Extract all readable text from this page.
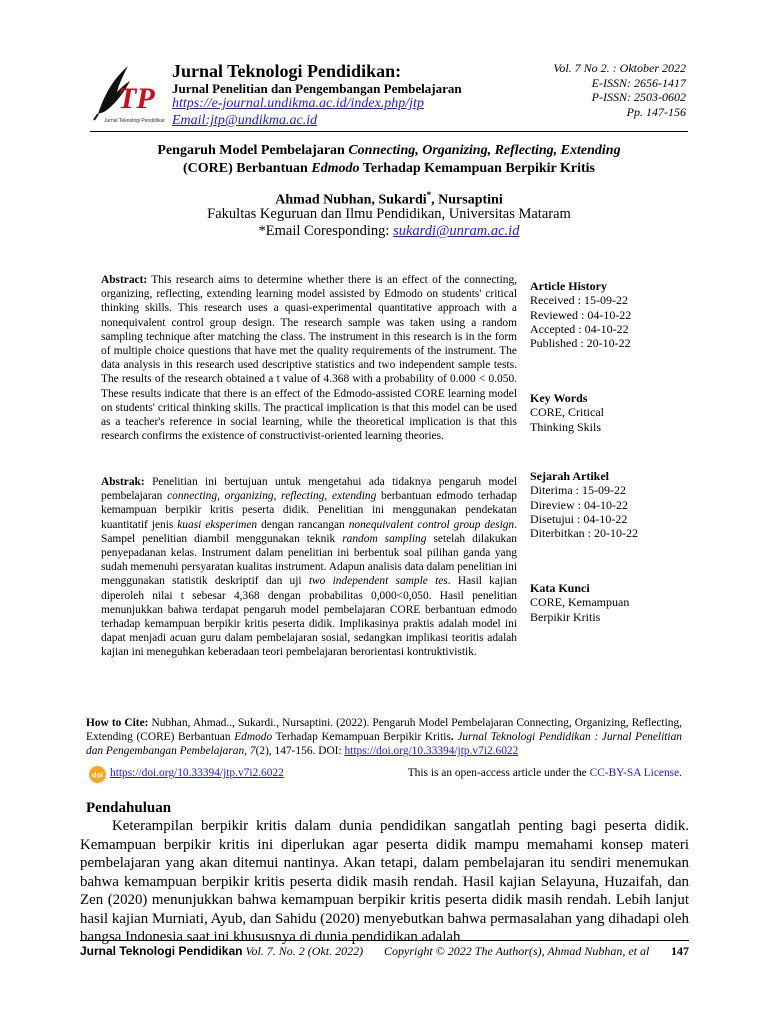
TP
Jurnal Teknologi Pendidikan
Jurnal Teknologi Pendidikan:
Jurnal Penelitian dan Pengembangan Pembelajaran
https://e-journal.undikma.ac.id/index.php/jtp
Email:jtp@undikma.ac.id
Vol. 7 No 2. : Oktober 2022
E-ISSN: 2656-1417
P-ISSN: 2503-0602
Pp. 147-156
Pengaruh Model Pembelajaran Connecting, Organizing, Reflecting, Extending
(CORE) Berbantuan Edmodo Terhadap Kemampuan Berpikir Kritis
Ahmad Nubhan, Sukardi*, Nursaptini
Fakultas Keguruan dan Ilmu Pendidikan, Universitas Mataram
*Email Coresponding: sukardi@unram.ac.id
Abstract: This research aims to determine whether there is an effect of the connecting, organizing, reflecting, extending learning model assisted by Edmodo on students' critical thinking skills. This research uses a quasi-experimental quantitative approach with a nonequivalent control group design. The research sample was taken using a random sampling technique after matching the class. The instrument in this research is in the form of multiple choice questions that have met the quality requirements of the instrument. The data analysis in this research used descriptive statistics and two independent sample tests. The results of the research obtained a t value of 4.368 with a probability of 0.000 < 0.050. These results indicate that there is an effect of the Edmodo-assisted CORE learning model on students' critical thinking skills. The practical implication is that this model can be used as a teacher's reference in social learning, while the theoretical implication is that this research confirms the existence of constructivist-oriented learning theories.
Abstrak: Penelitian ini bertujuan untuk mengetahui ada tidaknya pengaruh model pembelajaran connecting, organizing, reflecting, extending berbantuan edmodo terhadap kemampuan berpikir kritis peserta didik. Penelitian ini menggunakan pendekatan kuantitatif jenis kuasi eksperimen dengan rancangan nonequivalent control group design. Sampel penelitian diambil menggunakan teknik random sampling setelah dilakukan penyepadanan kelas. Instrument dalam penelitian ini berbentuk soal pilihan ganda yang sudah memenuhi persyaratan kualitas instrument. Adapun analisis data dalam penelitian ini menggunakan statistik deskriptif dan uji two independent sample tes. Hasil kajian diperoleh nilai t sebesar 4,368 dengan probabilitas 0,000<0,050. Hasil penelitian menunjukkan bahwa terdapat pengaruh model pembelajaran CORE berbantuan edmodo terhadap kemampuan berpikir kritis peserta didik. Implikasinya praktis adalah model ini dapat menjadi acuan guru dalam pembelajaran sosial, sedangkan implikasi teoritis adalah kajian ini meneguhkan keberadaan teori pembelajaran berorientasi kontruktivistik.
Article History
Received : 15-09-22
Reviewed : 04-10-22
Accepted : 04-10-22
Published : 20-10-22
Key Words
CORE, Critical
Thinking Skils
Sejarah Artikel
Diterima : 15-09-22
Direview : 04-10-22
Disetujui : 04-10-22
Diterbitkan : 20-10-22
Kata Kunci
CORE, Kemampuan
Berpikir Kritis
How to Cite: Nubhan, Ahmad.., Sukardi., Nursaptini. (2022). Pengaruh Model Pembelajaran Connecting, Organizing, Reflecting, Extending (CORE) Berbantuan Edmodo Terhadap Kemampuan Berpikir Kritis. Jurnal Teknologi Pendidikan : Jurnal Penelitian dan Pengembangan Pembelajaran, 7(2), 147-156. DOI: https://doi.org/10.33394/jtp.v7i2.6022
doi https://doi.org/10.33394/jtp.v7i2.6022	This is an open-access article under the CC-BY-SA License.
Pendahuluan
Keterampilan berpikir kritis dalam dunia pendidikan sangatlah penting bagi peserta didik. Kemampuan berpikir kritis ini diperlukan agar peserta didik mampu memahami konsep materi pembelajaran yang akan ditemui nantinya. Akan tetapi, dalam pembelajaran itu sendiri menemukan bahwa kemampuan berpikir kritis peserta didik masih rendah. Hasil kajian Selayuna, Huzaifah, dan Zen (2020) menunjukkan bahwa kemampuan berpikir kritis peserta didik masih rendah. Lebih lanjut hasil kajian Murniati, Ayub, dan Sahidu (2020) menyebutkan bahwa permasalahan yang dihadapi oleh bangsa Indonesia saat ini khususnya di dunia pendidikan adalah
Jurnal Teknologi Pendidikan Vol. 7. No. 2 (Okt. 2022) Copyright © 2022 The Author(s), Ahmad Nubhan, et al 147
